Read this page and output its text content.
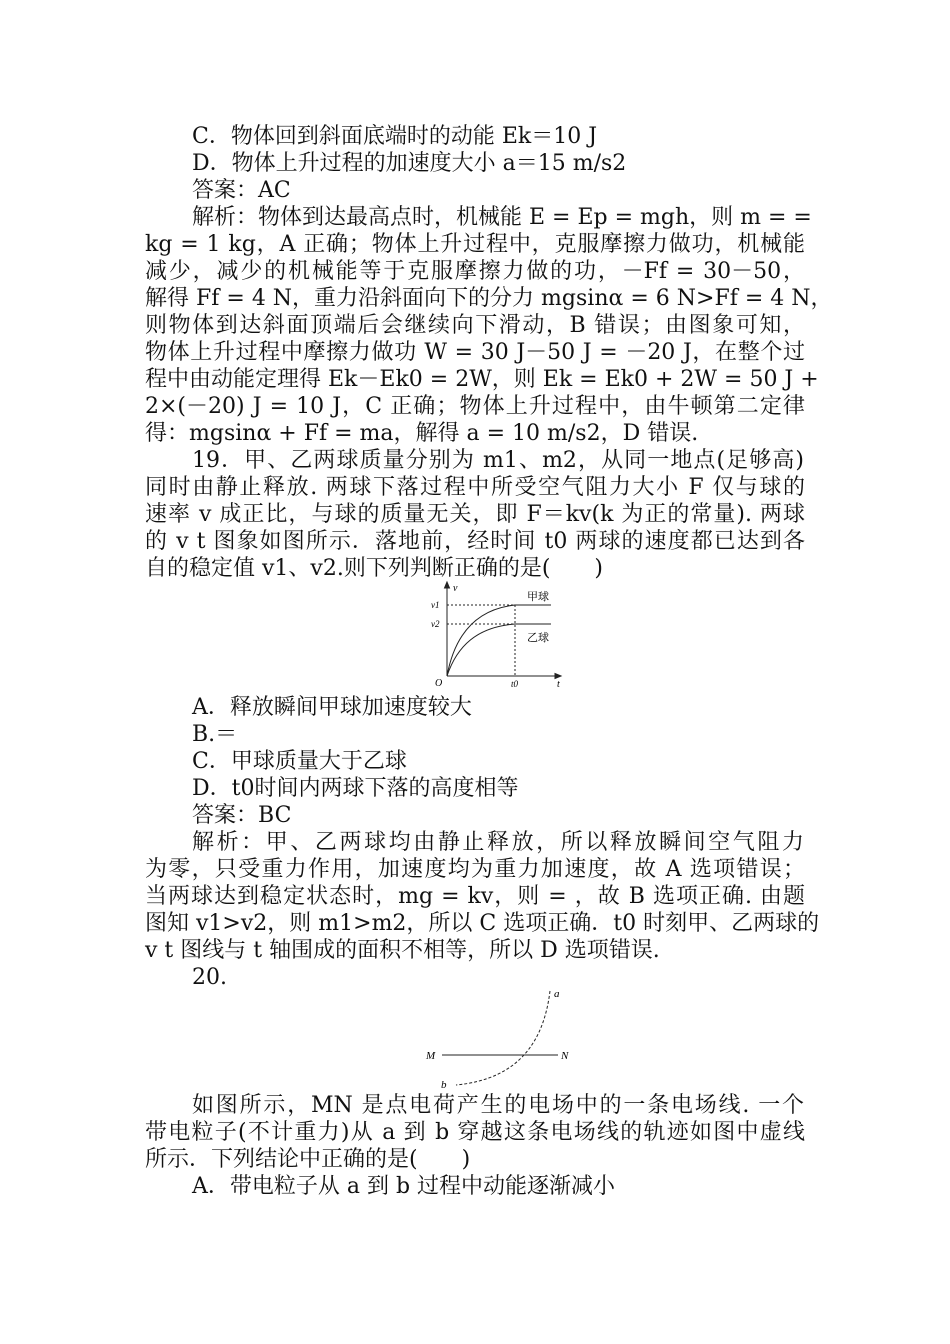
C．物体回到斜面底端时的动能 Ek＝10 J
D．物体上升过程的加速度大小 a＝15 m/s2
答案：AC
解析：物体到达最高点时，机械能 E = Ep = mgh，则 m = =
kg = 1 kg，A 正确；物体上升过程中，克服摩擦力做功，机械能
减少，减少的机械能等于克服摩擦力做的功，－Ff = 30－50，
解得 Ff = 4 N，重力沿斜面向下的分力 mgsinα = 6 N>Ff = 4 N，
则物体到达斜面顶端后会继续向下滑动，B 错误；由图象可知，
物体上升过程中摩擦力做功 W = 30 J－50 J = －20 J，在整个过
程中由动能定理得 Ek－Ek0 = 2W，则 Ek = Ek0 + 2W = 50 J +
2×(－20) J = 10 J，C 正确；物体上升过程中，由牛顿第二定律
得：mgsinα + Ff = ma，解得 a = 10 m/s2，D 错误.
19．甲、乙两球质量分别为 m1、m2，从同一地点(足够高)
同时由静止释放. 两球下落过程中所受空气阻力大小 F 仅与球的
速率 v 成正比，与球的质量无关，即 F＝kv(k 为正的常量). 两球
的 v t 图象如图所示．落地前，经时间 t0 两球的速度都已达到各
自的稳定值 v1、v2.则下列判断正确的是(　　)
v
t
O
v1
v2
t0
甲球
乙球
A．释放瞬间甲球加速度较大
B.＝
C．甲球质量大于乙球
D．t0时间内两球下落的高度相等
答案：BC
解析：甲、乙两球均由静止释放，所以释放瞬间空气阻力
为零，只受重力作用，加速度均为重力加速度，故 A 选项错误；
当两球达到稳定状态时，mg = kv，则 = ，故 B 选项正确. 由题
图知 v1>v2，则 m1>m2，所以 C 选项正确．t0 时刻甲、乙两球的
v t 图线与 t 轴围成的面积不相等，所以 D 选项错误.
20.
M	N
a
b
如图所示，MN 是点电荷产生的电场中的一条电场线. 一个
带电粒子(不计重力)从 a 到 b 穿越这条电场线的轨迹如图中虚线
所示．下列结论中正确的是(　　)
A．带电粒子从 a 到 b 过程中动能逐渐减小
